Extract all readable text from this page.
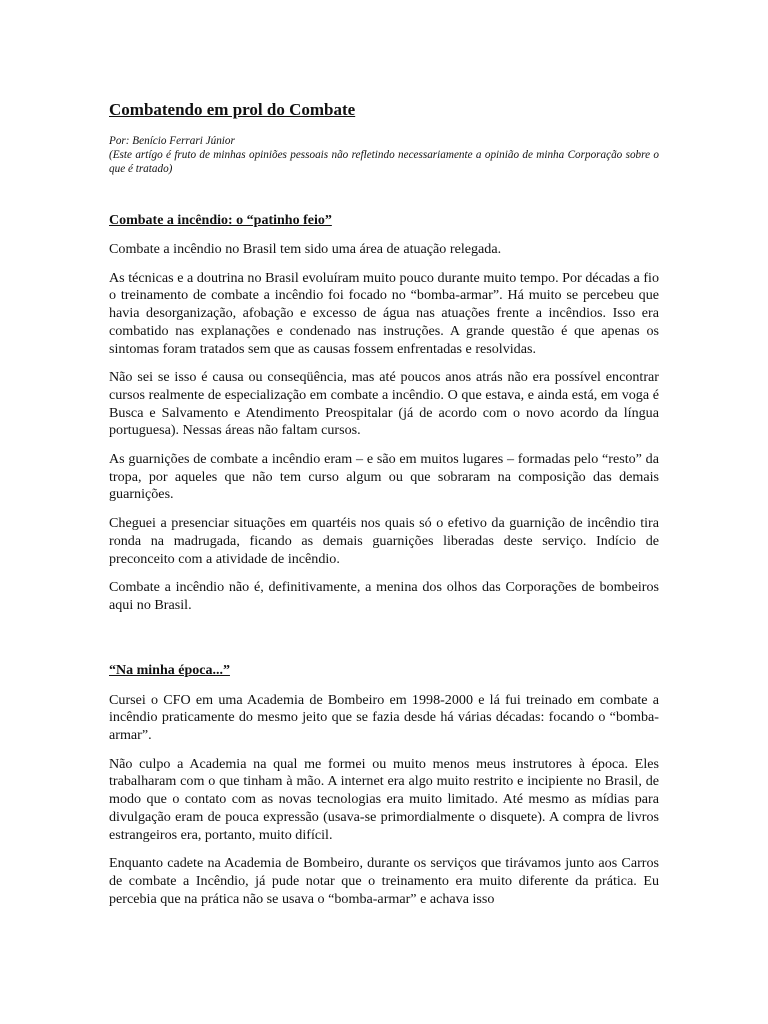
Combatendo em prol do Combate

Por: Benício Ferrari Júnior

(Este artígo é fruto de minhas opiniões pessoais não refletindo necessariamente a opinião de minha Corporação sobre o que é tratado)

Combate a incêndio: o “patinho feio”

Combate a incêndio no Brasil tem sido uma área de atuação relegada.

As técnicas e a doutrina no Brasil evoluíram muito pouco durante muito tempo. Por décadas a fio o treinamento de combate a incêndio foi focado no “bomba-armar”. Há muito se percebeu que havia desorganização, afobação e excesso de água nas atuações frente a incêndios. Isso era combatido nas explanações e condenado nas instruções. A grande questão é que apenas os sintomas foram tratados sem que as causas fossem enfrentadas e resolvidas.

Não sei se isso é causa ou conseqüência, mas até poucos anos atrás não era possível encontrar cursos realmente de especialização em combate a incêndio. O que estava, e ainda está, em voga é Busca e Salvamento e Atendimento Preospitalar (já de acordo com o novo acordo da língua portuguesa). Nessas áreas não faltam cursos.

As guarnições de combate a incêndio eram – e são em muitos lugares – formadas pelo “resto” da tropa, por aqueles que não tem curso algum ou que sobraram na composição das demais guarnições.

Cheguei a presenciar situações em quartéis nos quais só o efetivo da guarnição de incêndio tira ronda na madrugada, ficando as demais guarnições liberadas deste serviço. Indício de preconceito com a atividade de incêndio.

Combate a incêndio não é, definitivamente, a menina dos olhos das Corporações de bombeiros aqui no Brasil.

“Na minha época...”

Cursei o CFO em uma Academia de Bombeiro em 1998-2000 e lá fui treinado em combate a incêndio praticamente do mesmo jeito que se fazia desde há várias décadas: focando o “bomba-armar”.

Não culpo a Academia na qual me formei ou muito menos meus instrutores à época. Eles trabalharam com o que tinham à mão. A internet era algo muito restrito e incipiente no Brasil, de modo que o contato com as novas tecnologias era muito limitado. Até mesmo as mídias para divulgação eram de pouca expressão (usava-se primordialmente o disquete). A compra de livros estrangeiros era, portanto, muito difícil.

Enquanto cadete na Academia de Bombeiro, durante os serviços que tirávamos junto aos Carros de combate a Incêndio, já pude notar que o treinamento era muito diferente da prática. Eu percebia que na prática não se usava o “bomba-armar” e achava isso
